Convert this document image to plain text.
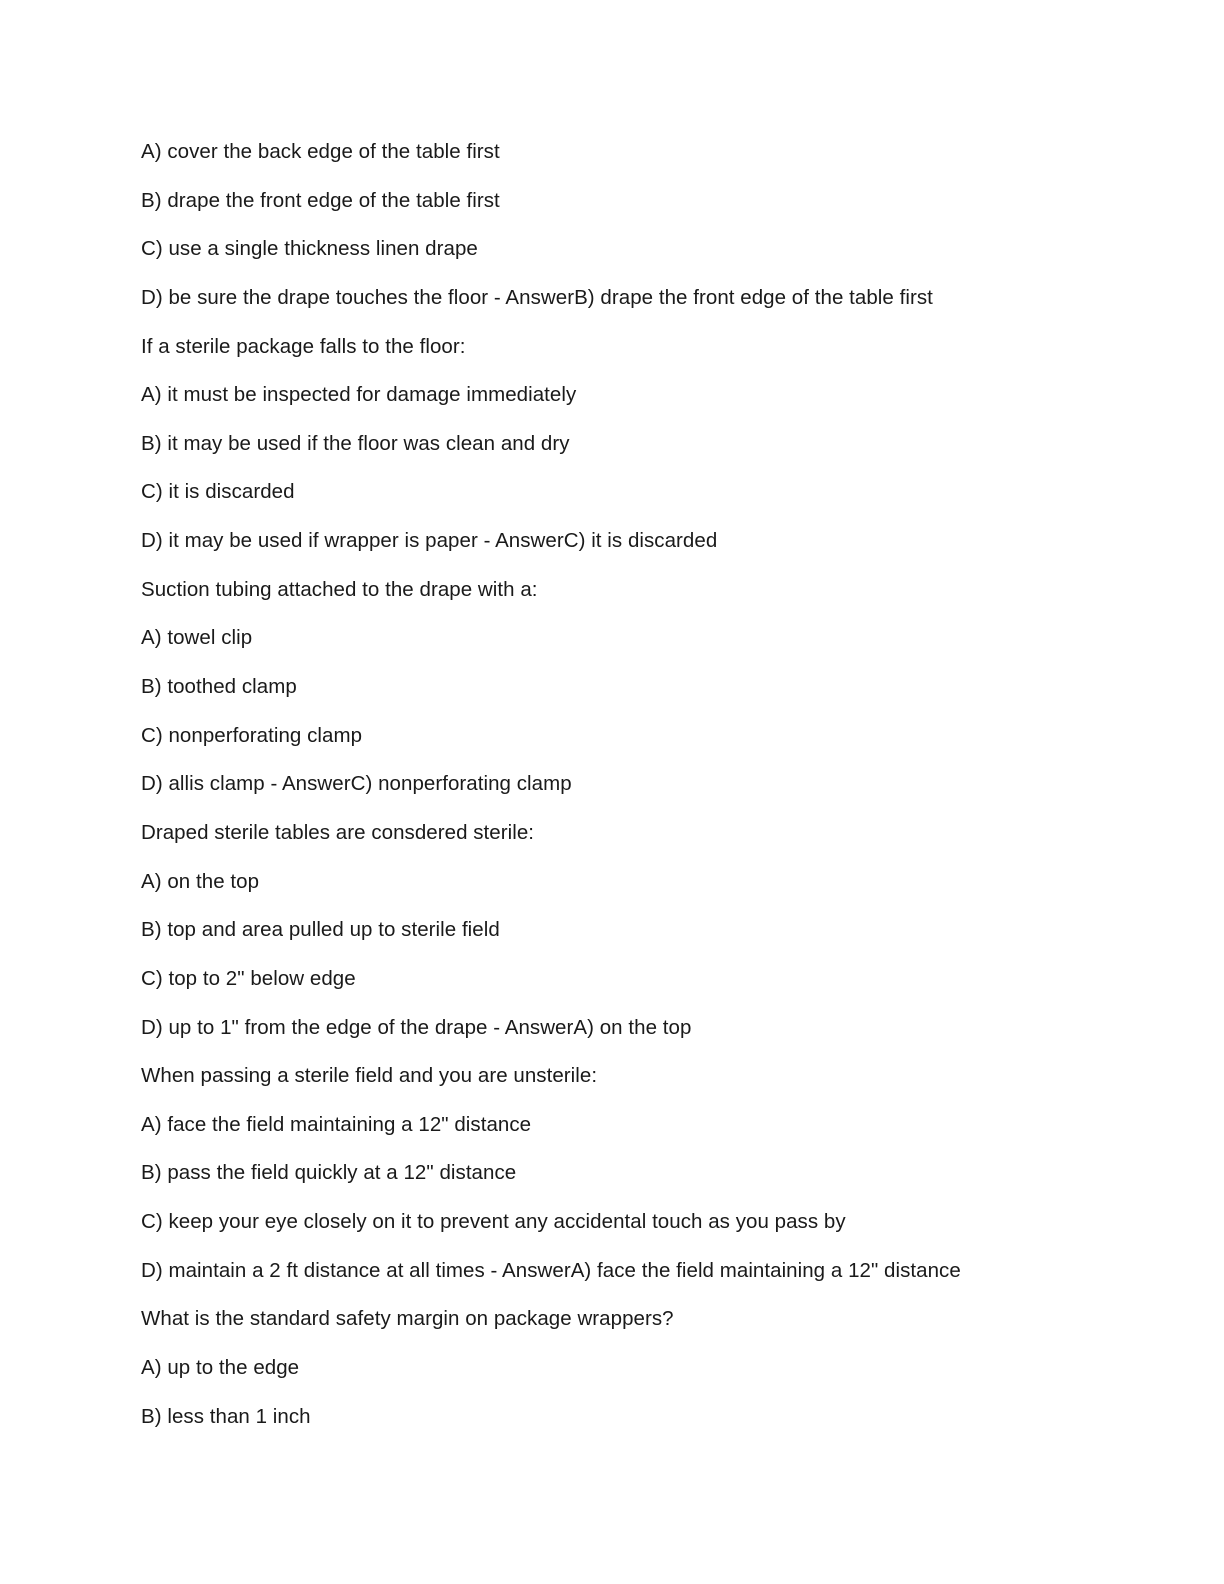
A) cover the back edge of the table first
B) drape the front edge of the table first
C) use a single thickness linen drape
D) be sure the drape touches the floor - AnswerB) drape the front edge of the table first
If a sterile package falls to the floor:
A) it must be inspected for damage immediately
B) it may be used if the floor was clean and dry
C) it is discarded
D) it may be used if wrapper is paper - AnswerC) it is discarded
Suction tubing attached to the drape with a:
A) towel clip
B) toothed clamp
C) nonperforating clamp
D) allis clamp - AnswerC) nonperforating clamp
Draped sterile tables are consdered sterile:
A) on the top
B) top and area pulled up to sterile field
C) top to 2" below edge
D) up to 1" from the edge of the drape - AnswerA) on the top
When passing a sterile field and you are unsterile:
A) face the field maintaining a 12" distance
B) pass the field quickly at a 12" distance
C) keep your eye closely on it to prevent any accidental touch as you pass by
D) maintain a 2 ft distance at all times - AnswerA) face the field maintaining a 12" distance
What is the standard safety margin on package wrappers?
A) up to the edge
B) less than 1 inch
